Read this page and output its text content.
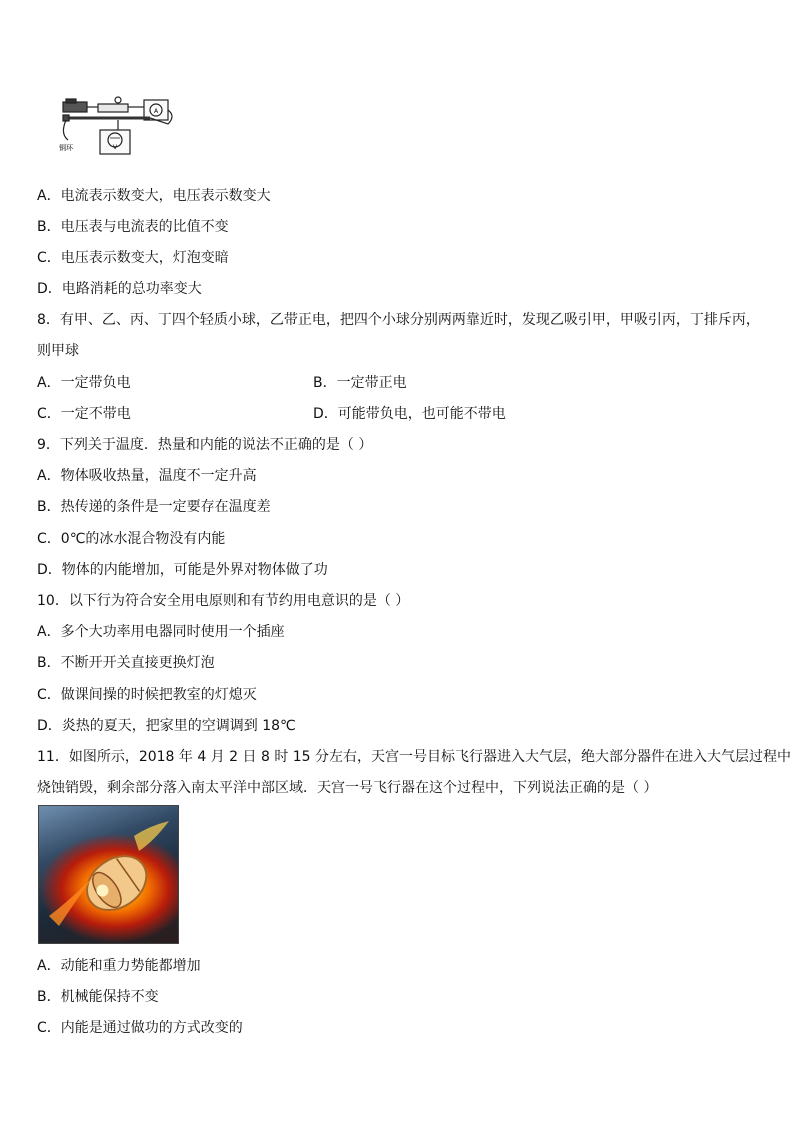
A
V
铜环
A．电流表示数变大，电压表示数变大
B．电压表与电流表的比值不变
C．电压表示数变大，灯泡变暗
D．电路消耗的总功率变大
8．有甲、乙、丙、丁四个轻质小球，乙带正电，把四个小球分别两两靠近时，发现乙吸引甲，甲吸引丙，丁排斥丙，
则甲球
A．一定带负电	B．一定带正电
C．一定不带电	D．可能带负电，也可能不带电
9．下列关于温度．热量和内能的说法不正确的是（ ）
A．物体吸收热量，温度不一定升高
B．热传递的条件是一定要存在温度差
C．0℃的冰水混合物没有内能
D．物体的内能增加，可能是外界对物体做了功
10．以下行为符合安全用电原则和有节约用电意识的是（ ）
A．多个大功率用电器同时使用一个插座
B．不断开开关直接更换灯泡
C．做课间操的时候把教室的灯熄灭
D．炎热的夏天，把家里的空调调到 18℃
11．如图所示，2018 年 4 月 2 日 8 时 15 分左右，天宫一号目标飞行器进入大气层，绝大部分器件在进入大气层过程中
烧蚀销毁，剩余部分落入南太平洋中部区域．天宫一号飞行器在这个过程中，下列说法正确的是（ ）
A．动能和重力势能都增加
B．机械能保持不变
C．内能是通过做功的方式改变的
